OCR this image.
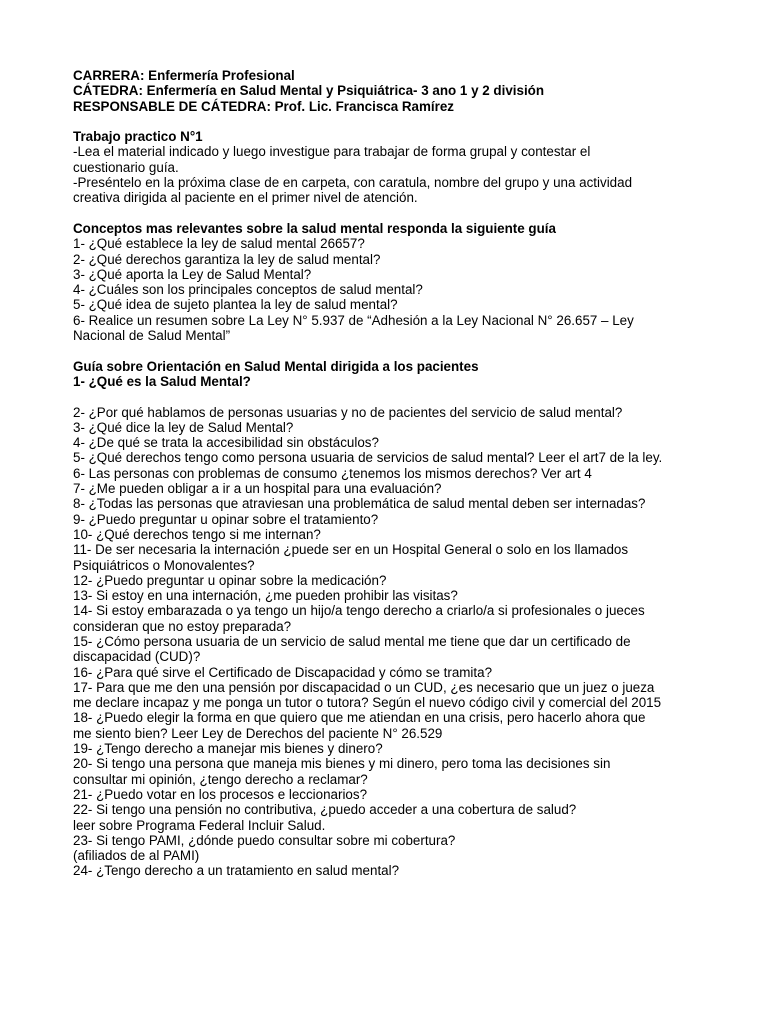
CARRERA: Enfermería Profesional
CÁTEDRA: Enfermería en Salud Mental y Psiquiátrica- 3 ano 1 y 2 división
RESPONSABLE DE CÁTEDRA: Prof. Lic. Francisca Ramírez
Trabajo practico N°1
-Lea el material indicado y luego investigue para trabajar de forma grupal y contestar el cuestionario guía.
-Preséntelo en la próxima clase de en carpeta, con caratula, nombre del grupo y una actividad creativa dirigida al paciente en el primer nivel de atención.
Conceptos mas relevantes sobre la salud mental responda la siguiente guía
1- ¿Qué establece la ley de salud mental 26657?
2- ¿Qué derechos garantiza la ley de salud mental?
3- ¿Qué aporta la Ley de Salud Mental?
4- ¿Cuáles son los principales conceptos de salud mental?
5- ¿Qué idea de sujeto plantea la ley de salud mental?
6- Realice un resumen sobre La Ley N° 5.937 de “Adhesión a la Ley Nacional N° 26.657 – Ley Nacional de Salud Mental”
Guía sobre Orientación en Salud Mental dirigida a los pacientes
1- ¿Qué es la Salud Mental?
2- ¿Por qué hablamos de personas usuarias y no de pacientes del servicio de salud mental?
3- ¿Qué dice la ley de Salud Mental?
4- ¿De qué se trata la accesibilidad sin obstáculos?
5- ¿Qué derechos tengo como persona usuaria de servicios de salud mental? Leer el art7 de la ley.
6- Las personas con problemas de consumo ¿tenemos los mismos derechos? Ver art 4
7- ¿Me pueden obligar a ir a un hospital para una evaluación?
8- ¿Todas las personas que atraviesan una problemática de salud mental deben ser internadas?
9- ¿Puedo preguntar u opinar sobre el tratamiento?
10- ¿Qué derechos tengo si me internan?
11- De ser necesaria la internación ¿puede ser en un Hospital General o solo en los llamados Psiquiátricos o Monovalentes?
12- ¿Puedo preguntar u opinar sobre la medicación?
13- Si estoy en una internación, ¿me pueden prohibir las visitas?
14- Si estoy embarazada o ya tengo un hijo/a tengo derecho a criarlo/a si profesionales o jueces consideran que no estoy preparada?
15- ¿Cómo persona usuaria de un servicio de salud mental me tiene que dar un certificado de discapacidad (CUD)?
16- ¿Para qué sirve el Certificado de Discapacidad y cómo se tramita?
17- Para que me den una pensión por discapacidad o un CUD, ¿es necesario que un juez o jueza me declare incapaz y me ponga un tutor o tutora? Según el nuevo código civil y comercial del 2015
18- ¿Puedo elegir la forma en que quiero que me atiendan en una crisis, pero hacerlo ahora que me siento bien? Leer Ley de Derechos del paciente N° 26.529
19- ¿Tengo derecho a manejar mis bienes y dinero?
20- Si tengo una persona que maneja mis bienes y mi dinero, pero toma las decisiones sin consultar mi opinión, ¿tengo derecho a reclamar?
21- ¿Puedo votar en los procesos e leccionarios?
22- Si tengo una pensión no contributiva, ¿puedo acceder a una cobertura de salud?
leer sobre Programa Federal Incluir Salud.
23- Si tengo PAMI, ¿dónde puedo consultar sobre mi cobertura?
(afiliados de al PAMI)
24- ¿Tengo derecho a un tratamiento en salud mental?
